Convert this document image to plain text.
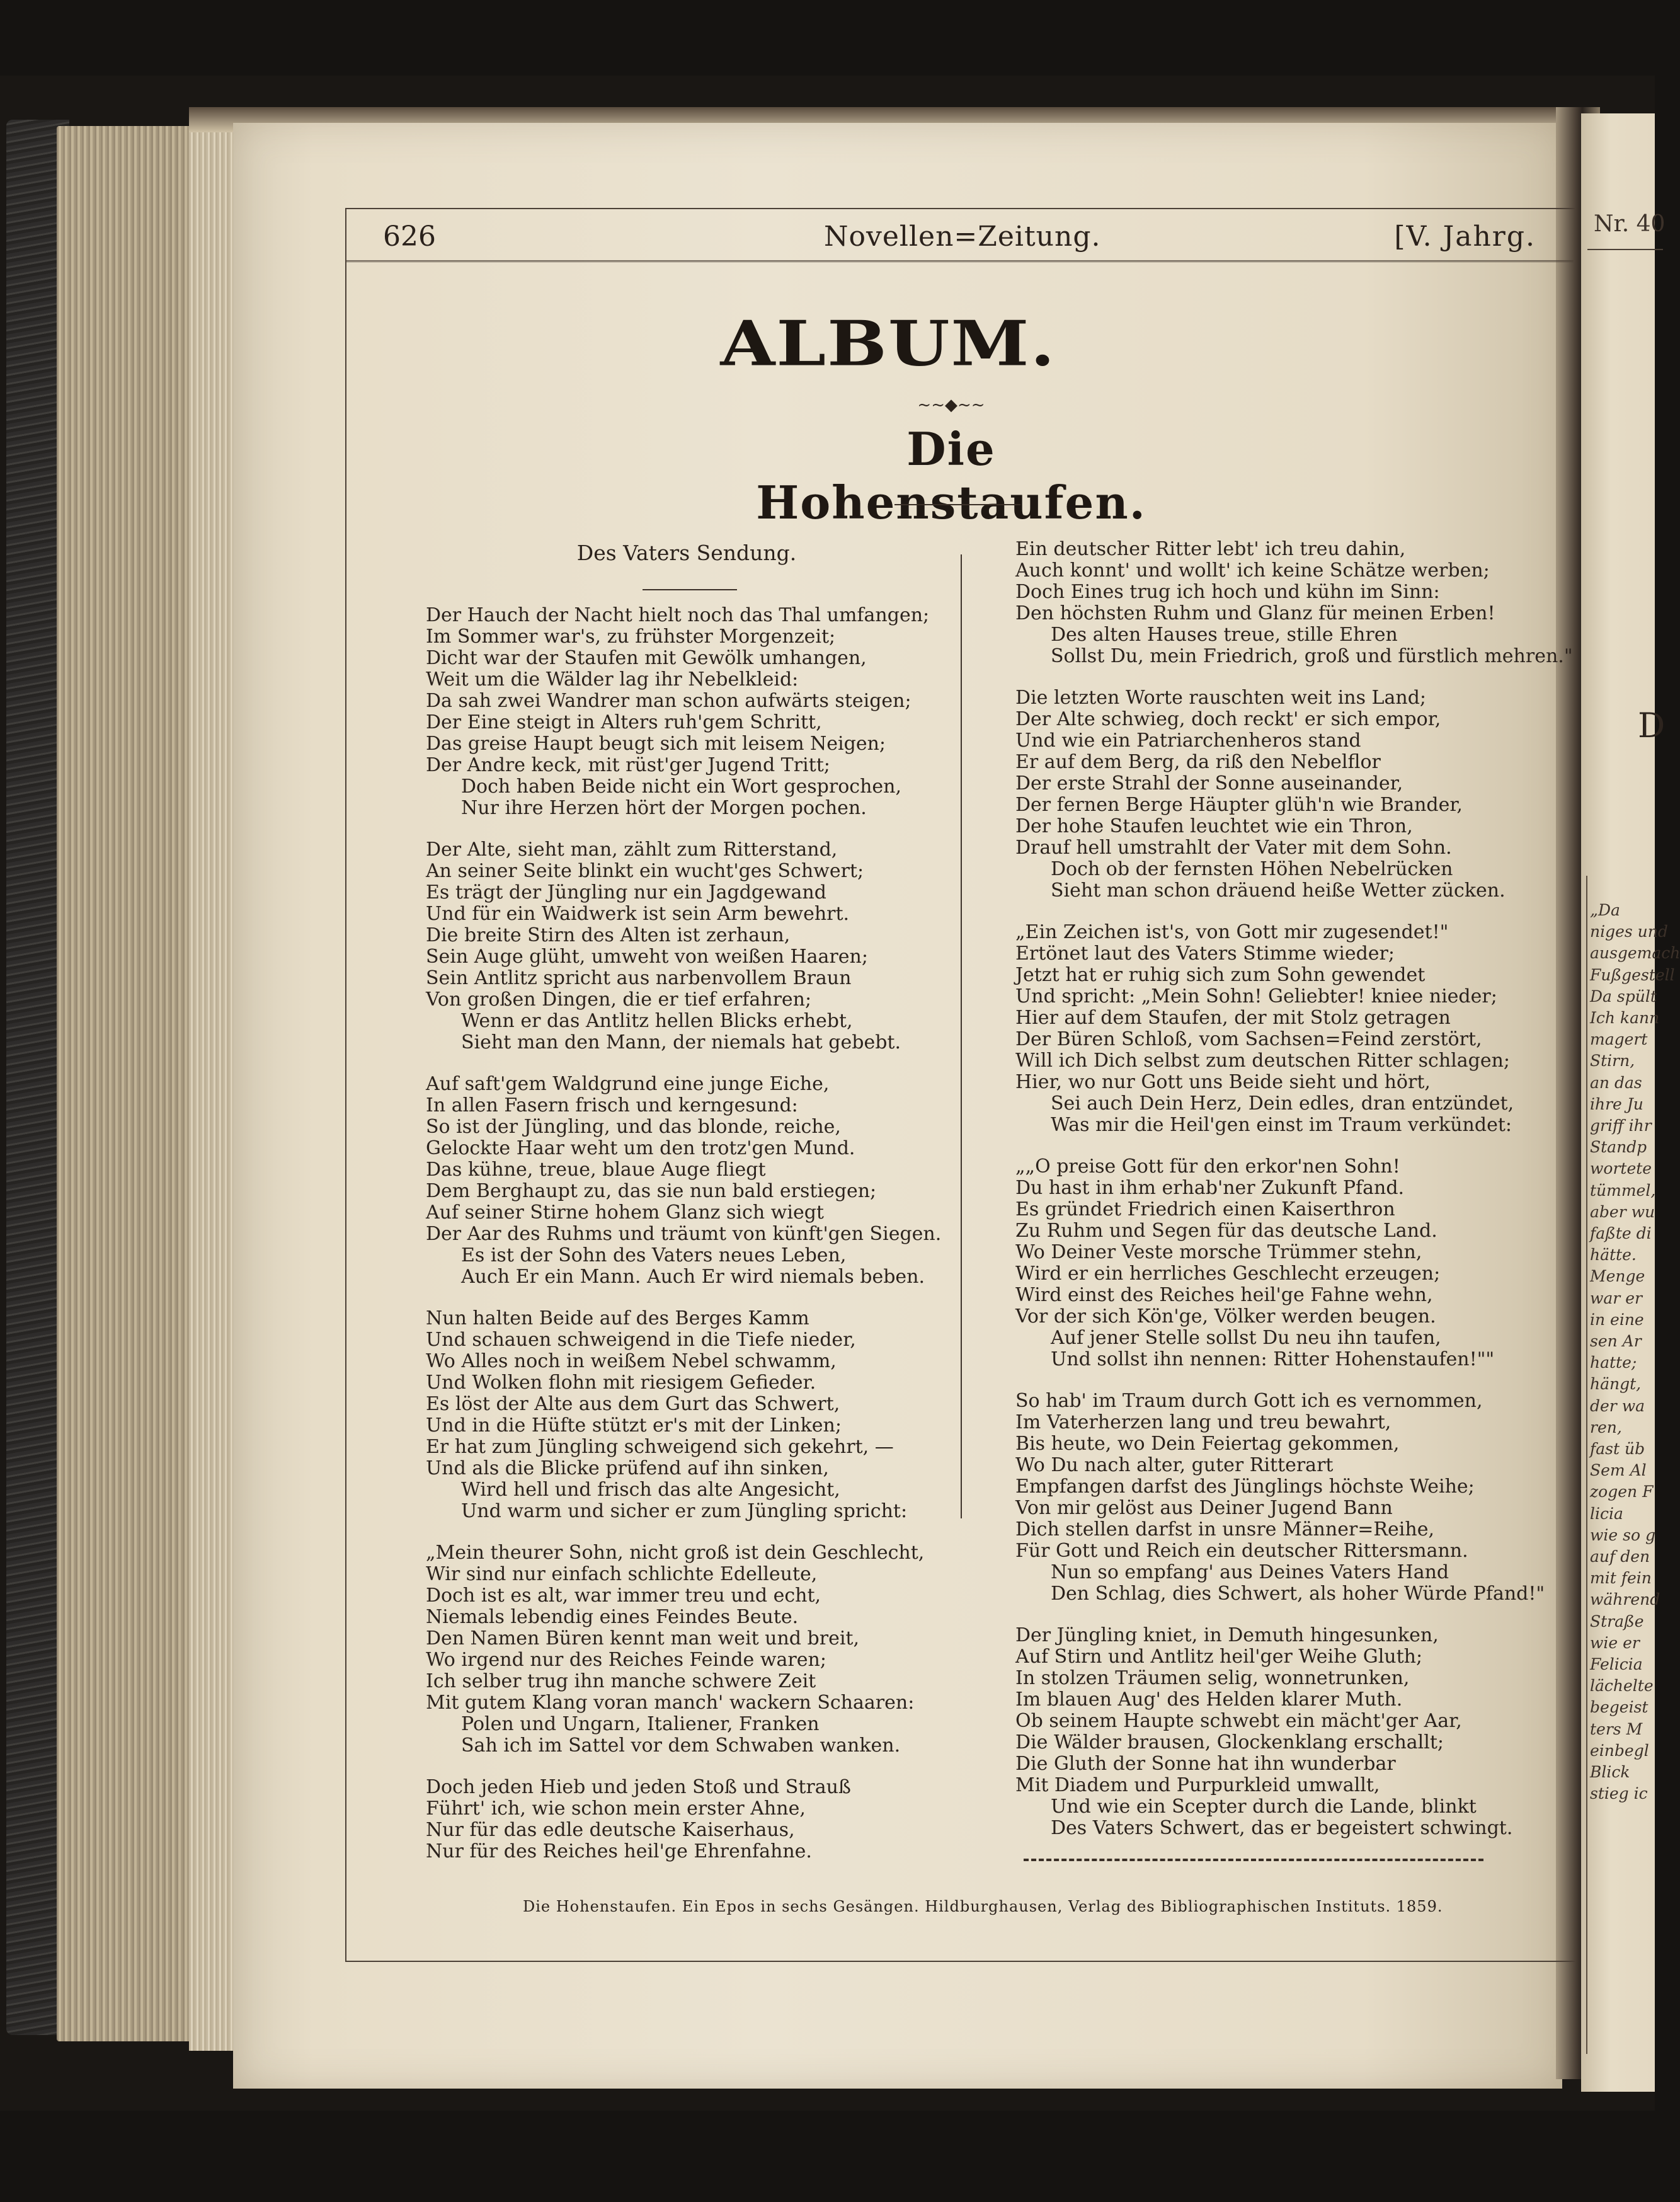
Nr. 40
D
„Da
niges und
ausgemach
Fußgestell
Da spült
Ich kann
magert
Stirn,
an das
ihre Ju
griff ihr
Standp
wortete
tümmel,
aber wu
faßte di
hätte.
Menge
war er
in eine
sen Ar
hatte;
hängt,
der wa
ren,
fast üb
Sem Al
zogen F
licia
wie so g
auf den
mit fein
während
Straße
wie er
Felicia
lächelte
begeist
ters M
einbegl
Blick
stieg ic
626	Novellen=Zeitung.	[V. Jahrg.
ALBUM.
~~◆~~
Die Hohenstaufen.
Des Vaters Sendung.
Der Hauch der Nacht hielt noch das Thal umfangen;
Im Sommer war's, zu frühster Morgenzeit;
Dicht war der Staufen mit Gewölk umhangen,
Weit um die Wälder lag ihr Nebelkleid:
Da sah zwei Wandrer man schon aufwärts steigen;
Der Eine steigt in Alters ruh'gem Schritt,
Das greise Haupt beugt sich mit leisem Neigen;
Der Andre keck, mit rüst'ger Jugend Tritt;
Doch haben Beide nicht ein Wort gesprochen,
Nur ihre Herzen hört der Morgen pochen.
Der Alte, sieht man, zählt zum Ritterstand,
An seiner Seite blinkt ein wucht'ges Schwert;
Es trägt der Jüngling nur ein Jagdgewand
Und für ein Waidwerk ist sein Arm bewehrt.
Die breite Stirn des Alten ist zerhaun,
Sein Auge glüht, umweht von weißen Haaren;
Sein Antlitz spricht aus narbenvollem Braun
Von großen Dingen, die er tief erfahren;
Wenn er das Antlitz hellen Blicks erhebt,
Sieht man den Mann, der niemals hat gebebt.
Auf saft'gem Waldgrund eine junge Eiche,
In allen Fasern frisch und kerngesund:
So ist der Jüngling, und das blonde, reiche,
Gelockte Haar weht um den trotz'gen Mund.
Das kühne, treue, blaue Auge fliegt
Dem Berghaupt zu, das sie nun bald erstiegen;
Auf seiner Stirne hohem Glanz sich wiegt
Der Aar des Ruhms und träumt von künft'gen Siegen.
Es ist der Sohn des Vaters neues Leben,
Auch Er ein Mann. Auch Er wird niemals beben.
Nun halten Beide auf des Berges Kamm
Und schauen schweigend in die Tiefe nieder,
Wo Alles noch in weißem Nebel schwamm,
Und Wolken flohn mit riesigem Gefieder.
Es löst der Alte aus dem Gurt das Schwert,
Und in die Hüfte stützt er's mit der Linken;
Er hat zum Jüngling schweigend sich gekehrt, —
Und als die Blicke prüfend auf ihn sinken,
Wird hell und frisch das alte Angesicht,
Und warm und sicher er zum Jüngling spricht:
„Mein theurer Sohn, nicht groß ist dein Geschlecht,
Wir sind nur einfach schlichte Edelleute,
Doch ist es alt, war immer treu und echt,
Niemals lebendig eines Feindes Beute.
Den Namen Büren kennt man weit und breit,
Wo irgend nur des Reiches Feinde waren;
Ich selber trug ihn manche schwere Zeit
Mit gutem Klang voran manch' wackern Schaaren:
Polen und Ungarn, Italiener, Franken
Sah ich im Sattel vor dem Schwaben wanken.
Doch jeden Hieb und jeden Stoß und Strauß
Führt' ich, wie schon mein erster Ahne,
Nur für das edle deutsche Kaiserhaus,
Nur für des Reiches heil'ge Ehrenfahne.
Ein deutscher Ritter lebt' ich treu dahin,
Auch konnt' und wollt' ich keine Schätze werben;
Doch Eines trug ich hoch und kühn im Sinn:
Den höchsten Ruhm und Glanz für meinen Erben!
Des alten Hauses treue, stille Ehren
Sollst Du, mein Friedrich, groß und fürstlich mehren."
Die letzten Worte rauschten weit ins Land;
Der Alte schwieg, doch reckt' er sich empor,
Und wie ein Patriarchenheros stand
Er auf dem Berg, da riß den Nebelflor
Der erste Strahl der Sonne auseinander,
Der fernen Berge Häupter glüh'n wie Brander,
Der hohe Staufen leuchtet wie ein Thron,
Drauf hell umstrahlt der Vater mit dem Sohn.
Doch ob der fernsten Höhen Nebelrücken
Sieht man schon dräuend heiße Wetter zücken.
„Ein Zeichen ist's, von Gott mir zugesendet!"
Ertönet laut des Vaters Stimme wieder;
Jetzt hat er ruhig sich zum Sohn gewendet
Und spricht: „Mein Sohn! Geliebter! kniee nieder;
Hier auf dem Staufen, der mit Stolz getragen
Der Büren Schloß, vom Sachsen=Feind zerstört,
Will ich Dich selbst zum deutschen Ritter schlagen;
Hier, wo nur Gott uns Beide sieht und hört,
Sei auch Dein Herz, Dein edles, dran entzündet,
Was mir die Heil'gen einst im Traum verkündet:
„„O preise Gott für den erkor'nen Sohn!
Du hast in ihm erhab'ner Zukunft Pfand.
Es gründet Friedrich einen Kaiserthron
Zu Ruhm und Segen für das deutsche Land.
Wo Deiner Veste morsche Trümmer stehn,
Wird er ein herrliches Geschlecht erzeugen;
Wird einst des Reiches heil'ge Fahne wehn,
Vor der sich Kön'ge, Völker werden beugen.
Auf jener Stelle sollst Du neu ihn taufen,
Und sollst ihn nennen: Ritter Hohenstaufen!""
So hab' im Traum durch Gott ich es vernommen,
Im Vaterherzen lang und treu bewahrt,
Bis heute, wo Dein Feiertag gekommen,
Wo Du nach alter, guter Ritterart
Empfangen darfst des Jünglings höchste Weihe;
Von mir gelöst aus Deiner Jugend Bann
Dich stellen darfst in unsre Männer=Reihe,
Für Gott und Reich ein deutscher Rittersmann.
Nun so empfang' aus Deines Vaters Hand
Den Schlag, dies Schwert, als hoher Würde Pfand!"
Der Jüngling kniet, in Demuth hingesunken,
Auf Stirn und Antlitz heil'ger Weihe Gluth;
In stolzen Träumen selig, wonnetrunken,
Im blauen Aug' des Helden klarer Muth.
Ob seinem Haupte schwebt ein mächt'ger Aar,
Die Wälder brausen, Glockenklang erschallt;
Die Gluth der Sonne hat ihn wunderbar
Mit Diadem und Purpurkleid umwallt,
Und wie ein Scepter durch die Lande, blinkt
Des Vaters Schwert, das er begeistert schwingt.
Die Hohenstaufen. Ein Epos in sechs Gesängen. Hildburghausen, Verlag des Bibliographischen Instituts. 1859.
